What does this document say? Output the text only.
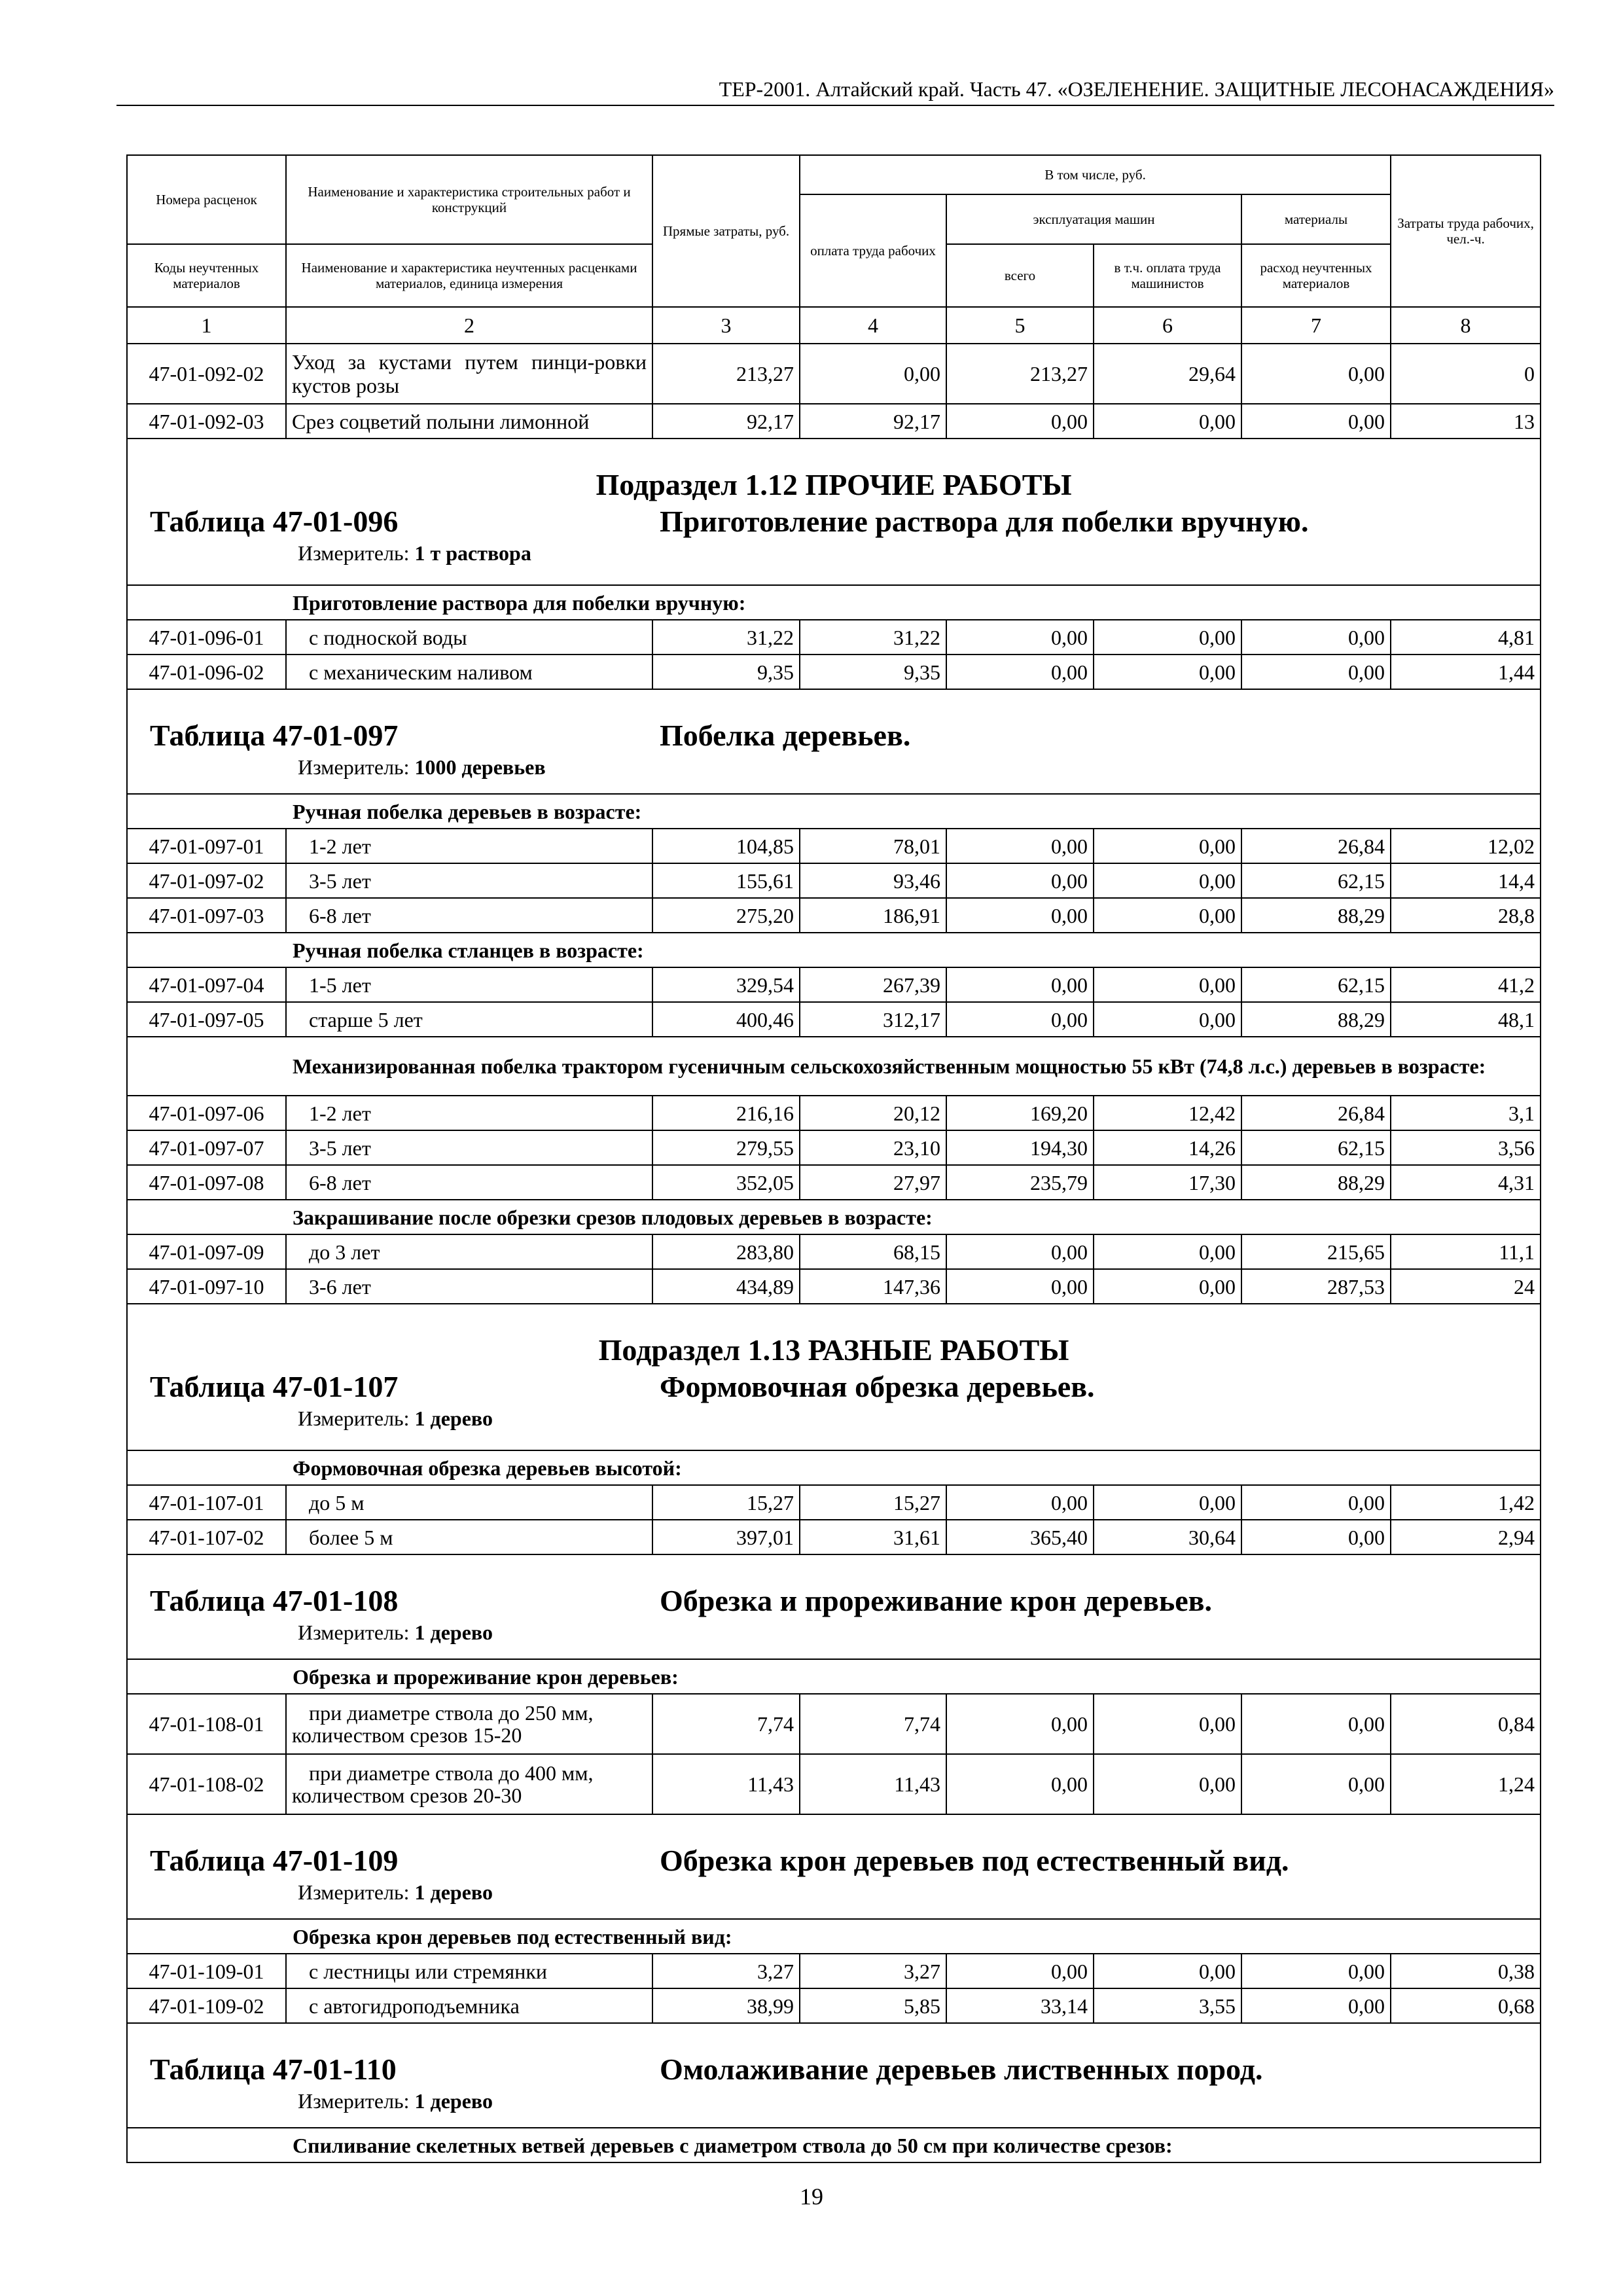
ТЕР-2001. Алтайский край. Часть 47. «ОЗЕЛЕНЕНИЕ. ЗАЩИТНЫЕ ЛЕСОНАСАЖДЕНИЯ»
Номера расценок	Наименование и характеристика строительных работ и конструкций	Прямые затраты, руб.	В том числе, руб.				Затраты труда рабочих, чел.-ч.
			оплата труда рабочих	эксплуатация машин		материалы	
Коды неучтенных материалов	Наименование и характеристика неучтенных расценками материалов, единица измерения			всего	в т.ч. оплата труда машинистов	расход неучтенных материалов	
1	2	3	4	5	6	7	8
47-01-092-02	Уход за кустами путем пинци-ровки кустов розы	213,27	0,00	213,27	29,64	0,00	0
47-01-092-03	Срез соцветий полыни лимонной	92,17	92,17	0,00	0,00	0,00	13

Подраздел 1.12 ПРОЧИЕ РАБОТЫ
Таблица 47-01-096 Приготовление раствора для побелки вручную.
Измеритель: 1 т раствора							

Приготовление раствора для побелки вручную:							
47-01-096-01	с подноской воды	31,22	31,22	0,00	0,00	0,00	4,81
47-01-096-02	с механическим наливом	9,35	9,35	0,00	0,00	0,00	1,44

Таблица 47-01-097 Побелка деревьев.
Измеритель: 1000 деревьев							

Ручная побелка деревьев в возрасте:							
47-01-097-01	1-2 лет	104,85	78,01	0,00	0,00	26,84	12,02
47-01-097-02	3-5 лет	155,61	93,46	0,00	0,00	62,15	14,4
47-01-097-03	6-8 лет	275,20	186,91	0,00	0,00	88,29	28,8
Ручная побелка стланцев в возрасте:							
47-01-097-04	1-5 лет	329,54	267,39	0,00	0,00	62,15	41,2
47-01-097-05	старше 5 лет	400,46	312,17	0,00	0,00	88,29	48,1
Механизированная побелка трактором гусеничным сельскохозяйственным мощностью 55 кВт (74,8 л.с.) деревьев в возрасте:							
47-01-097-06	1-2 лет	216,16	20,12	169,20	12,42	26,84	3,1
47-01-097-07	3-5 лет	279,55	23,10	194,30	14,26	62,15	3,56
47-01-097-08	6-8 лет	352,05	27,97	235,79	17,30	88,29	4,31
Закрашивание после обрезки срезов плодовых деревьев в возрасте:							
47-01-097-09	до 3 лет	283,80	68,15	0,00	0,00	215,65	11,1
47-01-097-10	3-6 лет	434,89	147,36	0,00	0,00	287,53	24

Подраздел 1.13 РАЗНЫЕ РАБОТЫ
Таблица 47-01-107 Формовочная обрезка деревьев.
Измеритель: 1 дерево							

Формовочная обрезка деревьев высотой:							
47-01-107-01	до 5 м	15,27	15,27	0,00	0,00	0,00	1,42
47-01-107-02	более 5 м	397,01	31,61	365,40	30,64	0,00	2,94

Таблица 47-01-108 Обрезка и прореживание крон деревьев.
Измеритель: 1 дерево							

Обрезка и прореживание крон деревьев:							
47-01-108-01	при диаметре ствола до 250 мм, количеством срезов 15-20	7,74	7,74	0,00	0,00	0,00	0,84
47-01-108-02	при диаметре ствола до 400 мм, количеством срезов 20-30	11,43	11,43	0,00	0,00	0,00	1,24

Таблица 47-01-109 Обрезка крон деревьев под естественный вид.
Измеритель: 1 дерево							

Обрезка крон деревьев под естественный вид:							
47-01-109-01	с лестницы или стремянки	3,27	3,27	0,00	0,00	0,00	0,38
47-01-109-02	с автогидроподъемника	38,99	5,85	33,14	3,55	0,00	0,68

Таблица 47-01-110 Омолаживание деревьев лиственных пород.
Измеритель: 1 дерево							

Спиливание скелетных ветвей деревьев с диаметром ствола до 50 см при количестве срезов:							
19
